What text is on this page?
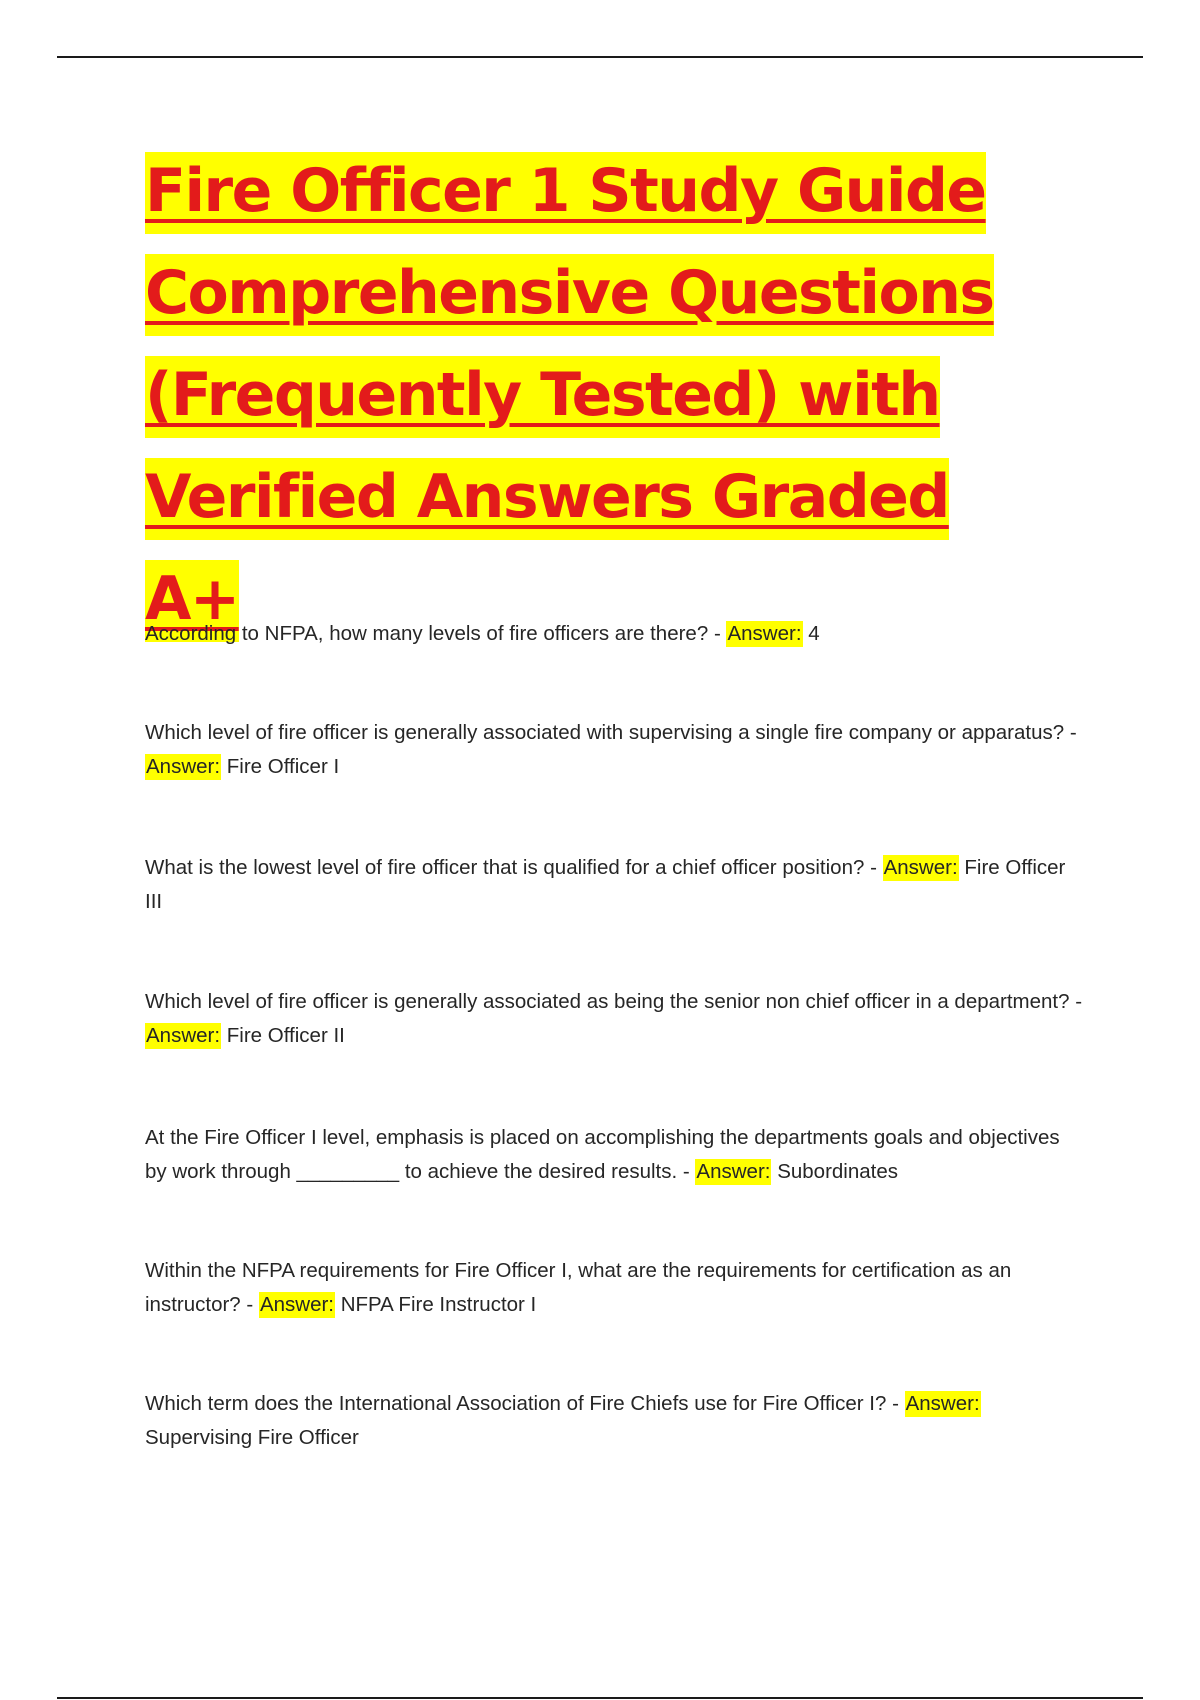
Fire Officer 1 Study Guide
Comprehensive Questions
(Frequently Tested) with
Verified Answers Graded A+

According to NFPA, how many levels of fire officers are there? - Answer: 4

Which level of fire officer is generally associated with supervising a single fire company or apparatus? - Answer: Fire Officer I

What is the lowest level of fire officer that is qualified for a chief officer position? - Answer: Fire Officer III

Which level of fire officer is generally associated as being the senior non chief officer in a department? - Answer: Fire Officer II

At the Fire Officer I level, emphasis is placed on accomplishing the departments goals and objectives by work through _________ to achieve the desired results. - Answer: Subordinates

Within the NFPA requirements for Fire Officer I, what are the requirements for certification as an instructor? - Answer: NFPA Fire Instructor I

Which term does the International Association of Fire Chiefs use for Fire Officer I? - Answer: Supervising Fire Officer
